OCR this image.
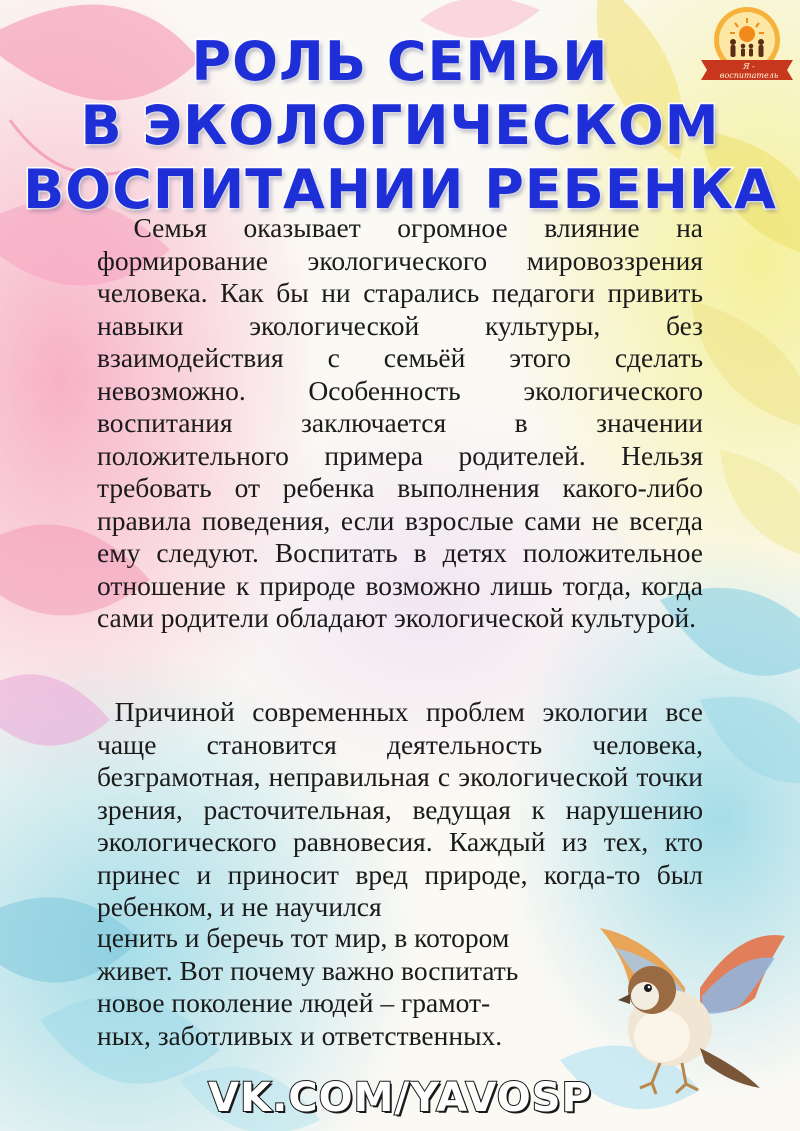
Я - воспитатель
РОЛЬ СЕМЬИ
В ЭКОЛОГИЧЕСКОМ
ВОСПИТАНИИ РЕБЕНКА
Семья оказывает огромное влияние на формирование экологического мировоззрения человека. Как бы ни старались педагоги привить навыки экологической культуры, без взаимодействия с семьёй этого сделать невозможно. Особенность экологического воспитания заключается в значении положительного примера родителей. Нельзя требовать от ребенка выполнения какого-либо правила поведения, если взрослые сами не всегда ему следуют. Воспитать в детях положительное отношение к природе возможно лишь тогда, когда сами родители обладают экологической культурой.
Причиной современных проблем экологии все чаще становится деятельность человека, безграмотная, неправильная с экологической точки зрения, расточительная, ведущая к нарушению экологического равновесия. Каждый из тех, кто принес и приносит вред природе, когда-то был ребенком, и не научился
ценить и беречь тот мир, в котором
живет. Вот почему важно воспитать
новое поколение людей – грамот-
ных, заботливых и ответственных.
VK.COM/YAVOSP
